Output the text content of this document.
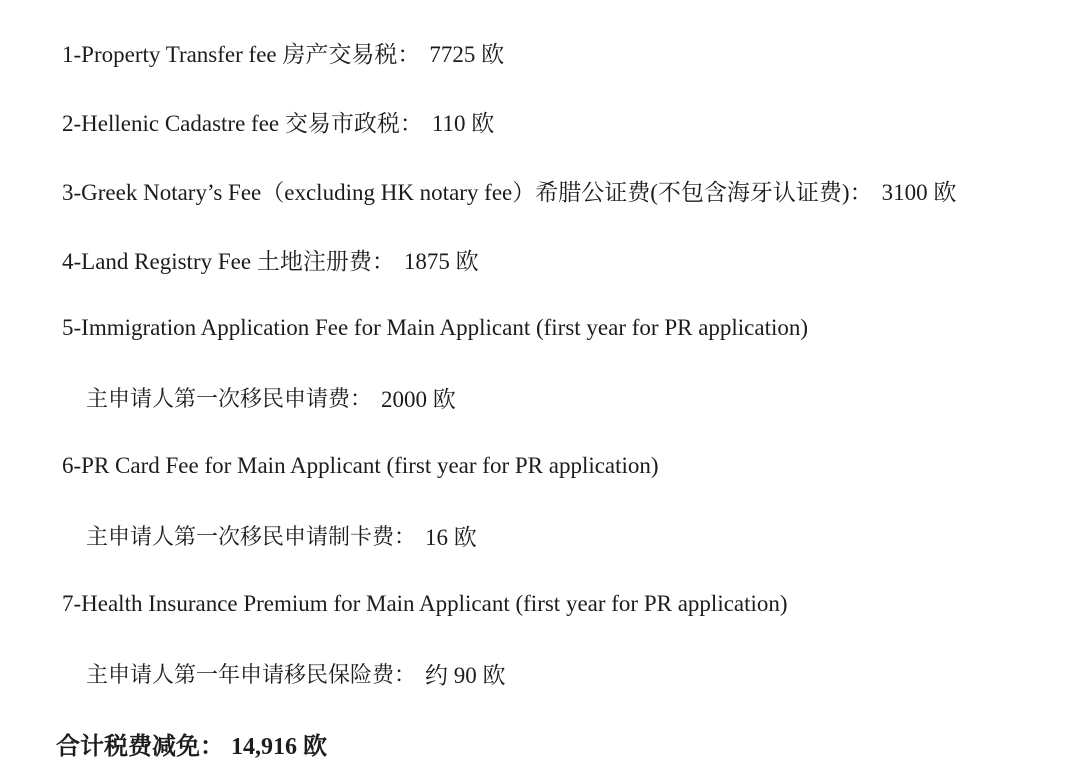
1-Property Transfer fee 房产交易税： 7725 欧

2-Hellenic Cadastre fee 交易市政税： 110 欧

3-Greek Notary’s Fee（excluding HK notary fee）希腊公证费(不包含海牙认证费)： 3100 欧

4-Land Registry Fee 土地注册费： 1875 欧

5-Immigration Application Fee for Main Applicant (first year for PR application)

主申请人第一次移民申请费： 2000 欧

6-PR Card Fee for Main Applicant (first year for PR application)

主申请人第一次移民申请制卡费： 16 欧

7-Health Insurance Premium for Main Applicant (first year for PR application)

主申请人第一年申请移民保险费： 约 90 欧

合计税费减免： 14,916 欧
